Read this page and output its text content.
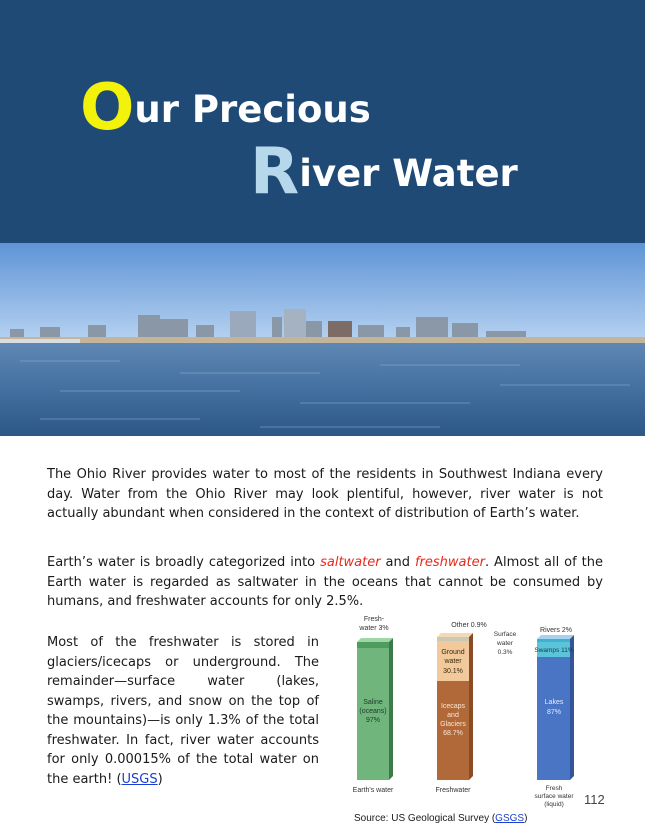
Our Precious
River Water

The Ohio River provides water to most of the residents in Southwest Indiana every day. Water from the Ohio River may look plentiful, however, river water is not actually abundant when considered in the context of distribution of Earth’s water.

Earth’s water is broadly categorized into saltwater and freshwater. Almost all of the Earth water is regarded as saltwater in the oceans that cannot be consumed by humans, and freshwater accounts for only 2.5%.

Most of the freshwater is stored in glaciers/icecaps or underground. The remainder—surface water (lakes, swamps, rivers, and snow on the top of the mountains)—is only 1.3% of the total freshwater. In fact, river water accounts for only 0.00015% of the total water on the earth! (USGS)

Fresh-
water 3%
Saline
(oceans)
97%
Earth's water
Other 0.9%
Surface
water
0.3%
Ground
water
30.1%
Icecaps
and
Glaciers
68.7%
Freshwater
Rivers 2%
Swamps 11%
Lakes
87%
Fresh
surface water
(liquid) 112
Source: US Geological Survey (GSGS)
